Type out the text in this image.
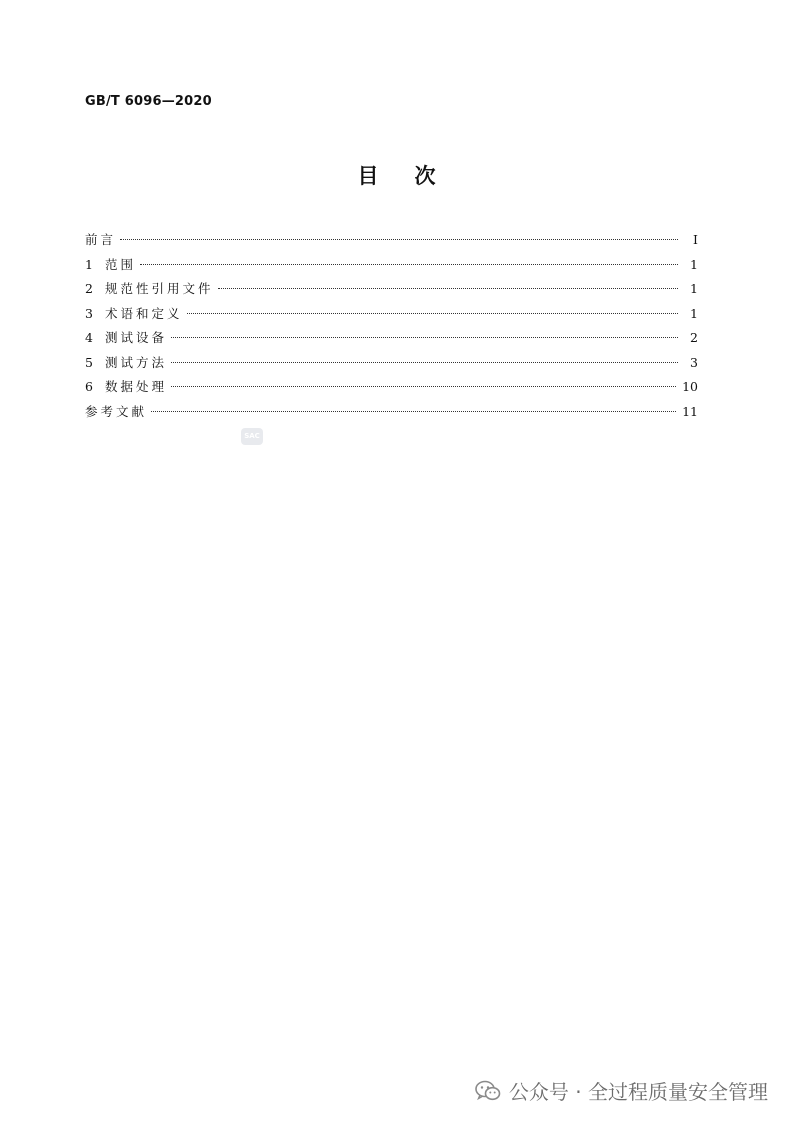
GB/T 6096—2020
目次
前言	Ⅰ
1 范围	1
2 规范性引用文件	1
3 术语和定义	1
4 测试设备	2
5 测试方法	3
6 数据处理	10
参考文献	11
SAC
公众号 · 全过程质量安全管理
